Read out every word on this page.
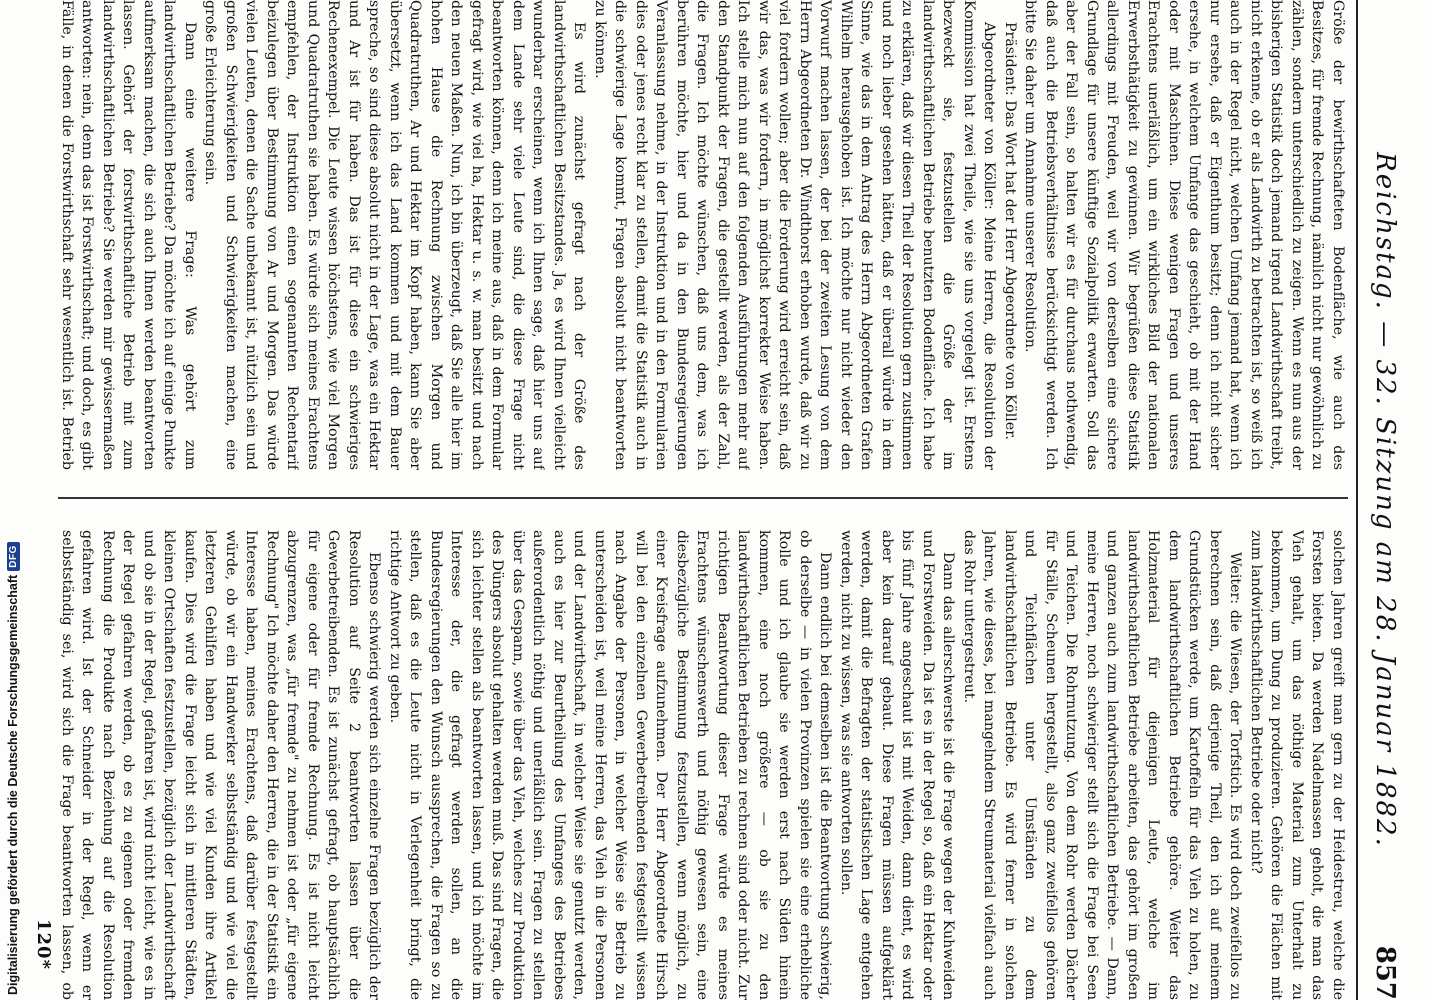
Reichstag. — 32. Sitzung am 28. Januar 1882.
857

Größe der bewirthschafteten Bodenfläche, wie auch des Besitzes, für fremde Rechnung, nämlich nicht nur gewöhnlich zu zählen, sondern unterschiedlich zu zeigen. Wenn es nun aus der bisherigen Statistik doch jemand irgend Landwirthschaft treibt, nicht erkenne, ob er als Landwirth zu betrachten ist, so weiß ich auch in der Regel nicht, welchen Umfang jemand hat, wenn ich nur ersehe, daß er Eigenthum besitzt; denn ich nicht sicher ersehe, in welchem Umfange das geschieht, ob mit der Hand oder mit Maschinen. Diese wenigen Fragen und unseres Erachtens unerläßlich, um ein wirkliches Bild der nationalen Erwerbsthätigkeit zu gewinnen. Wir begrüßen diese Statistik allerdings mit Freuden, weil wir von derselben eine sichere Grundlage für unsere künftige Sozialpolitik erwarten. Soll das aber der Fall sein, so halten wir es für durchaus nothwendig, daß auch die Betriebsverhältnisse berücksichtigt werden. Ich bitte Sie daher um Annahme unserer Resolution.

Präsident: Das Wort hat der Herr Abgeordnete von Köller.

Abgeordneter von Köller: Meine Herren, die Resolution der Kommission hat zwei Theile, wie sie uns vorgelegt ist. Erstens bezweckt sie, festzustellen die Größe der im landwirthschaftlichen Betriebe benutzten Bodenfläche. Ich habe zu erklären, daß wir diesen Theil der Resolution gern zustimmen und noch lieber gesehen hätten, daß er überall würde in dem Sinne, wie das in dem Antrag des Herrn Abgeordneten Grafen Wilhelm herausgehoben ist. Ich möchte nur nicht wieder den Vorwurf machen lassen, der bei der zweiten Lesung von dem Herrn Abgeordneten Dr. Windthorst erhoben wurde, daß wir zu viel fordern wollen; aber die Forderung wird erreicht sein, daß wir das, was wir fordern, in möglichst korrekter Weise haben. Ich stelle mich nun auf den folgenden Ausführungen mehr auf den Standpunkt der Fragen, die gestellt werden, als der Zahl, die Fragen. Ich möchte wünschen, daß uns dem, was ich berühren möchte, hier und da in den Bundesregierungen Veranlassung nehme, in der Instruktion und in den Formularien dies oder jenes recht klar zu stellen, damit die Statistik auch in die schwierige Lage kommt, Fragen absolut nicht beantworten zu können.

Es wird zunächst gefragt nach der Größe des landwirthschaftlichen Besitzstandes. Ja, es wird Ihnen vielleicht wunderbar erscheinen, wenn ich Ihnen sage, daß hier uns auf dem Lande sehr viele Leute sind, die diese Frage nicht beantworten können, denn ich meine aus, daß in dem Formular gefragt wird, wie viel ha, Hektar u. s. w. man besitzt und nach den neuen Maßen. Nun, ich bin überzeugt, daß Sie alle hier im hohen Hause die Rechnung zwischen Morgen und Quadratruthen, Ar und Hektar im Kopf haben, kann Sie aber übersetzt, wenn ich das Land kommen und mit dem Bauer spreche, so sind diese absolut nicht in der Lage, was ein Hektar und Ar ist für haben. Das ist für diese ein schwieriges Rechenexempel. Die Leute wissen höchstens, wie viel Morgen und Quadratruthen sie haben. Es würde sich meines Erachtens empfehlen, der Instruktion einen sogenannten Rechentarif beizulegen über Bestimmung von Ar und Morgen. Das würde vielen Leuten, denen die Sache unbekannt ist, nützlich sein und großen Schwierigkeiten und Schwierigkeiten machen, eine große Erleichterung sein.

Dann eine weitere Frage: Was gehört zum landwirthschaftlichen Betriebe? Da möchte ich auf einige Punkte aufmerksam machen, die sich auch Ihnen werden beantworten lassen. Gehört der forstwirthschaftliche Betrieb mit zum landwirthschaftlichen Betriebe? Sie werden mir gewissermaßen antworten: nein, denn das ist Forstwirthschaft; und doch, es gibt Fälle, in denen die Forstwirthschaft sehr wesentlich ist. Betrieb

solchen Jahren greift man gern zu der Heidestreu, welche die Forsten bieten. Da werden Nadelmassen geholt, die man das Vieh gehalt, um das nöthige Material zum Unterhalt zu bekommen, um Dung zu produzieren. Gehören die Flächen mit zum landwirthschaftlichen Betriebe oder nicht?

Weiter: die Wiesen, der Torfstich. Es wird doch zweifellos zu berechnen sein, daß derjenige Theil, den ich auf meinem Grundstücken werde, um Kartoffeln für das Vieh zu holen, zu dem landwirthschaftlichen Betriebe gehöre. Weiter das Holzmaterial für diejenigen Leute, welche im landwirthschaftlichen Betriebe arbeiten, das gehört im großen und ganzen auch zum landwirthschaftlichen Betriebe. — Dann, meine Herren, noch schwieriger stellt sich die Frage bei Seen und Teichen. Die Rohrnutzung. Von dem Rohr werden Dächer für Ställe, Scheunen hergestellt, also ganz zweifellos gehören und Teichflächen unter Umständen zu dem landwirthschaftlichen Betriebe. Es wird ferner in solchen Jahren, wie dieses, bei mangelndem Streumaterial vielfach auch das Rohr untergestreut.

Dann das allerschwerste ist die Frage wegen der Kuhweiden und Forstweiden. Da ist es in der Regel so, daß ein Hektar oder bis fünf Jahre angeschaut ist mit Weiden, dann dient, es wird aber kein darauf gebaut. Diese Fragen müssen aufgeklärt werden, damit die Befragten der statistischen Lage entgehen werden, nicht zu wissen, was sie antworten sollen.

Dann endlich bei demselben ist die Beantwortung schwierig, ob derselbe — in vielen Provinzen spielen sie eine erhebliche Rolle und ich glaube sie werden erst nach Süden hinein kommen, eine noch größere — ob sie zu den landwirthschaftlichen Betrieben zu rechnen sind oder nicht. Zur richtigen Beantwortung dieser Frage würde es meines Erachtens wünschenswerth und nöthig gewesen sein, eine diesbezügliche Bestimmung festzustellen, wenn möglich, zu einer Kreisfrage aufzunehmen. Der Herr Abgeordnete Hirsch will bei den einzelnen Gewerbetreibenden festgestellt wissen nach Angabe der Personen, in welcher Weise sie Betrieb zu unterscheiden ist, weil meine Herren, das Vieh in die Personen und der Landwirthschaft, in welcher Weise sie genutzt werden, auch es hier zur Beurtheilung des Umfanges des Betriebes außerordentlich nöthig und unerläßlich sein. Fragen zu stellen über das Gespann, sowie über das Vieh, welches zur Produktion des Düngers absolut gehalten werden muß. Das sind Fragen, die sich leichter stellen als beantworten lassen, und ich möchte im Interesse der, die gefragt werden sollen, an die Bundesregierungen den Wunsch aussprechen, die Fragen so zu stellen, daß es die Leute nicht in Verlegenheit bringt, die richtige Antwort zu geben.

Ebenso schwierig werden sich einzelne Fragen bezüglich der Resolution auf Seite 2 beantworten lassen über die Gewerbetreibenden. Es ist zunächst gefragt, ob hauptsächlich für eigene oder für fremde Rechnung. Es ist nicht leicht abzugrenzen, was „für fremde" zu nehmen ist oder „für eigene Rechnung" Ich möchte daher den Herren, die in der Statistik ein Interesse haben, meines Erachtens, daß darüber festgestellt würde, ob wir ein Handwerker selbstständig und wie viel die letzteren Gehilfen haben und wie viel Kunden ihre Artikel kaufen. Dies wird die Frage leicht sich in mittleren Städten, kleinen Ortschaften festzustellen, bezüglich der Landwirthschaft und ob sie in der Regel, gefahren ist, wird nicht leicht, wie es in der Regel gefahren werden, ob es zu eigenen oder fremden Rechnung die Produkte nach Beziehung auf die Resolution gefahren wird. Ist der Schneider in der Regel, wenn er selbstständig sei, wird sich die Frage beantworten lassen, ob

120*
Digitalisierung gefördert durch die Deutsche Forschungsgemeinschaft
DFG
